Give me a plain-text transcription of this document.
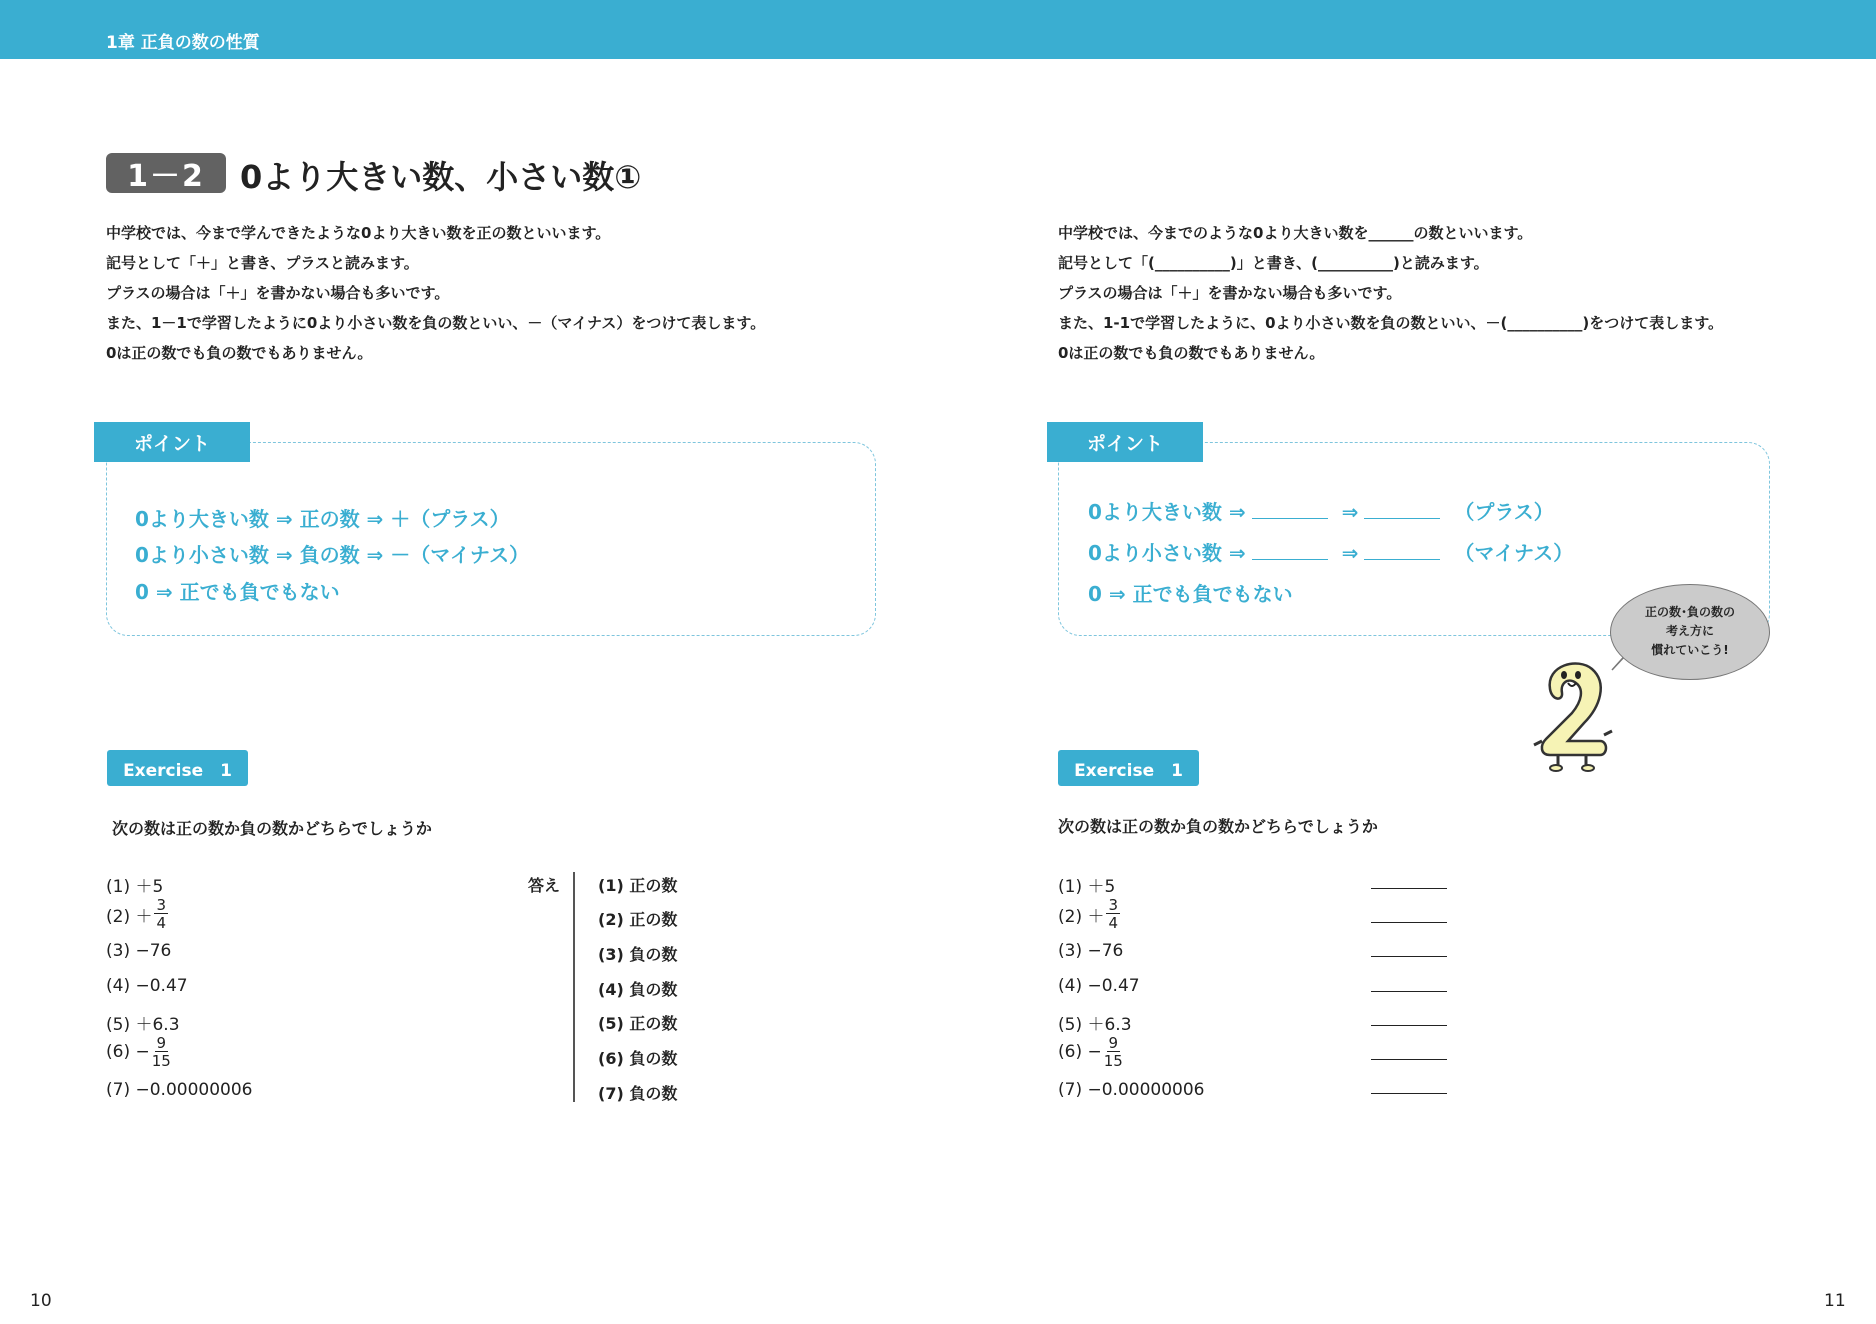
1章 正負の数の性質
1－2	0より大きい数、小さい数①
中学校では、今まで学んできたような0より大きい数を正の数といいます。
記号として「＋」と書き、プラスと読みます。
プラスの場合は「＋」を書かない場合も多いです。
また、1－1で学習したように0より小さい数を負の数といい、－（マイナス）をつけて表します。
0は正の数でも負の数でもありません。
中学校では、今までのような0より大きい数を______の数といいます。
記号として「(__________)」と書き、(__________)と読みます。
プラスの場合は「＋」を書かない場合も多いです。
また、1-1で学習したように、0より小さい数を負の数といい、－(__________)をつけて表します。
0は正の数でも負の数でもありません。
ポイント
0より大きい数 ⇒ 正の数 ⇒ ＋（プラス）
0より小さい数 ⇒ 負の数 ⇒ －（マイナス）
0 ⇒ 正でも負でもない
ポイント
0より大きい数 ⇒	⇒	（プラス）
0より小さい数 ⇒	⇒	（マイナス）
0 ⇒ 正でも負でもない
正の数･負の数の
考え方に
慣れていこう!
Exercise　1	Exercise　1
次の数は正の数か負の数かどちらでしょうか	次の数は正の数か負の数かどちらでしょうか
(1) ＋5
$(2) + \frac{3}{4}$
(3) −76
(4) −0.47
(5) ＋6.3
$(6) - \frac{9}{15}$
(7) −0.00000006
答え (1) 正の数
(2) 正の数
(3) 負の数
(4) 負の数
(5) 正の数
(6) 負の数
(7) 負の数
(1) ＋5
$(2) + \frac{3}{4}$
(3) −76
(4) −0.47
(5) ＋6.3
$(6) - \frac{9}{15}$
(7) −0.00000006
10	11
